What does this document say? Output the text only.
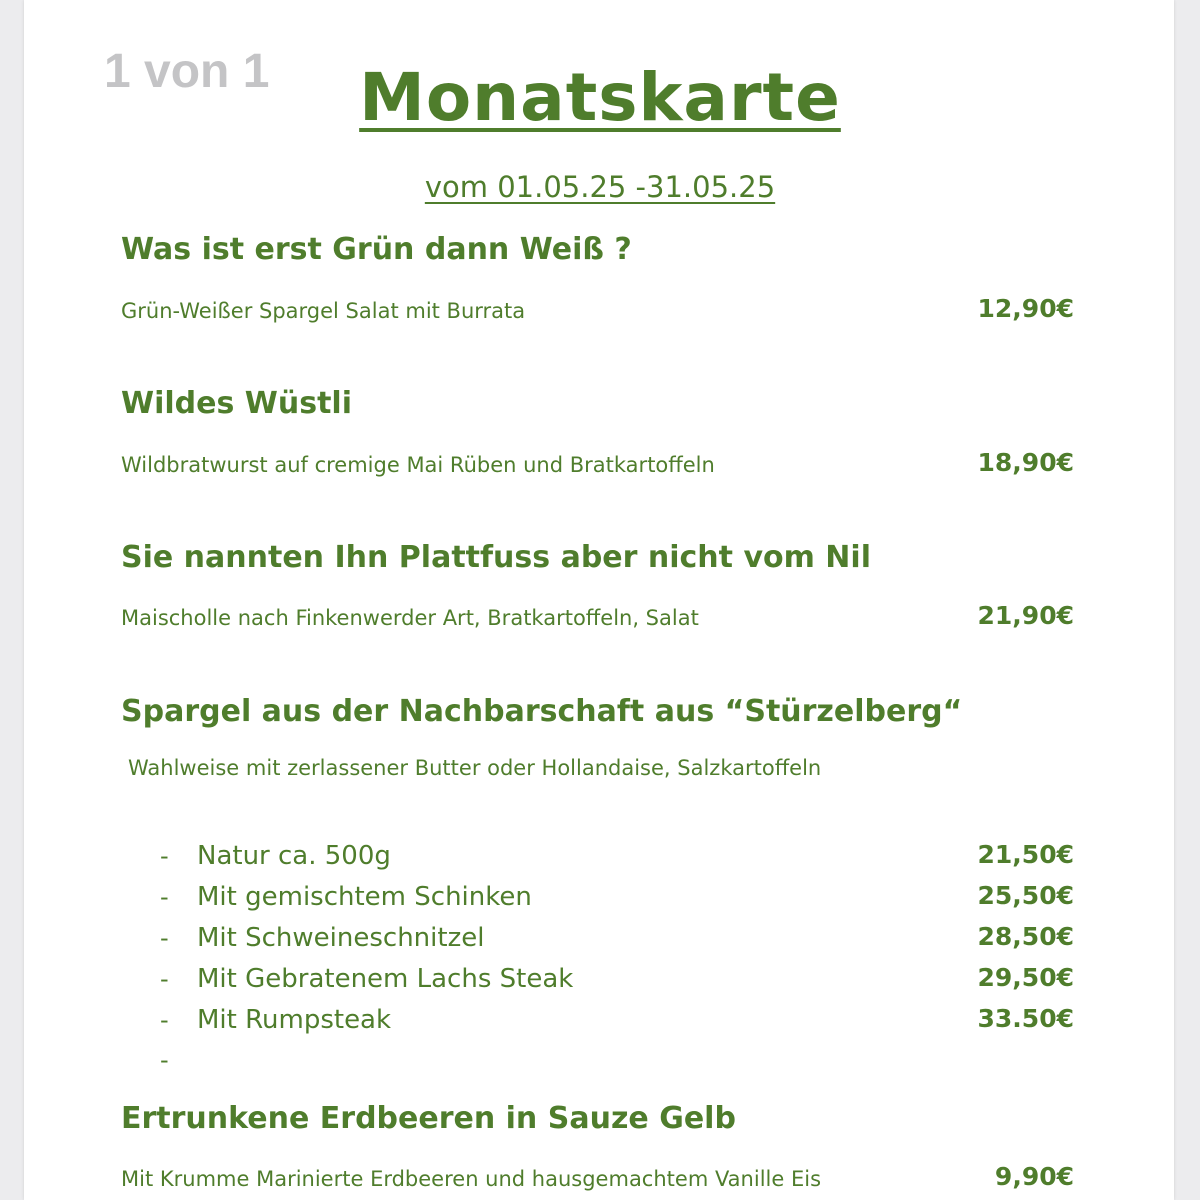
1 von 1	Monatskarte
vom 01.05.25 -31.05.25
Was ist erst Grün dann Weiß ?
Grün-Weißer Spargel Salat mit Burrata	12,90€
Wildes Wüstli
Wildbratwurst auf cremige Mai Rüben und Bratkartoffeln	18,90€
Sie nannten Ihn Plattfuss aber nicht vom Nil
Maischolle nach Finkenwerder Art, Bratkartoffeln, Salat	21,90€
Spargel aus der Nachbarschaft aus “Stürzelberg“
Wahlweise mit zerlassener Butter oder Hollandaise, Salzkartoffeln
- Natur ca. 500g	21,50€
- Mit gemischtem Schinken	25,50€
- Mit Schweineschnitzel	28,50€
- Mit Gebratenem Lachs Steak	29,50€
- Mit Rumpsteak	33.50€
-
Ertrunkene Erdbeeren in Sauze Gelb
Mit Krumme Marinierte Erdbeeren und hausgemachtem Vanille Eis	9,90€
